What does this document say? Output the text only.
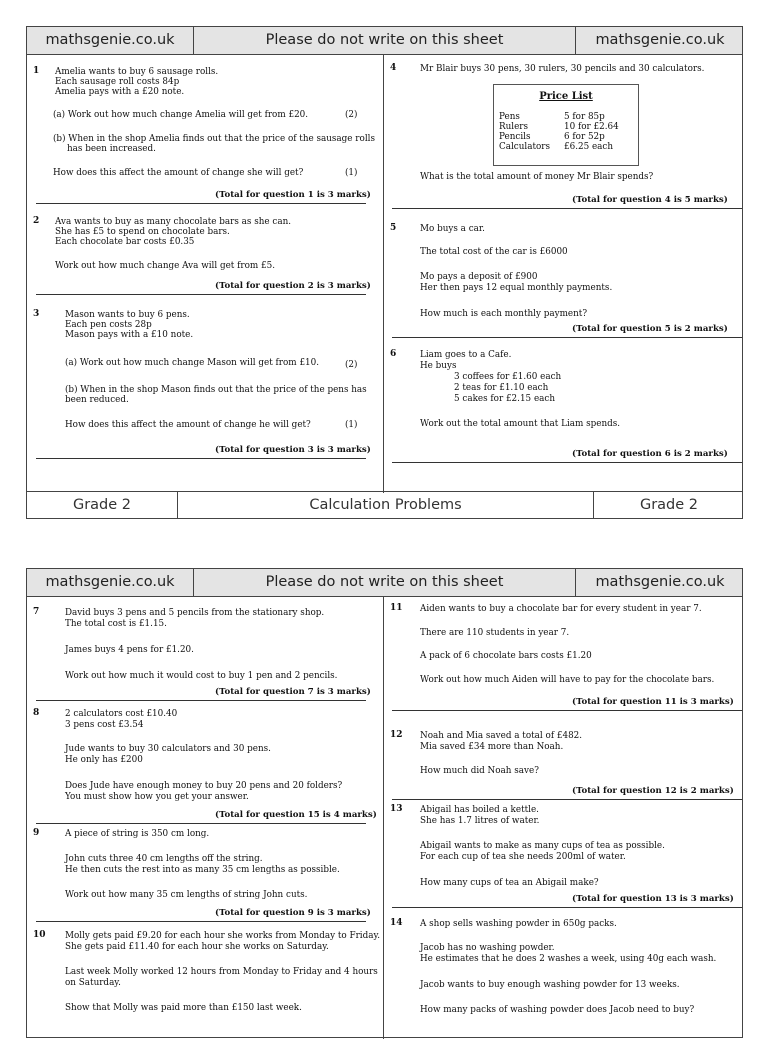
mathsgenie.co.uk	Please do not write on this sheet	mathsgenie.co.uk
1 Amelia wants to buy 6 sausage rolls.
Each sausage roll costs 84p
Amelia pays with a £20 note.
(a) Work out how much change Amelia will get from £20.	(2)
(b) When in the shop Amelia finds out that the price of the sausage rolls
has been increased.
How does this affect the amount of change she will get?	(1)
(Total for question 1 is 3 marks)
2 Ava wants to buy as many chocolate bars as she can.
She has £5 to spend on chocolate bars.
Each chocolate bar costs £0.35
Work out how much change Ava will get from £5.
(Total for question 2 is 3 marks)
3	Mason wants to buy 6 pens.
Each pen costs 28p
Mason pays with a £10 note.
(a) Work out how much change Mason will get from £10.	(2)
(b) When in the shop Mason finds out that the price of the pens has
been reduced.
How does this affect the amount of change he will get?	(1)
(Total for question 3 is 3 marks)
4	Mr Blair buys 30 pens, 30 rulers, 30 pencils and 30 calculators.
What is the total amount of money Mr Blair spends?
(Total for question 4 is 5 marks)
Price List
Pens	5 for 85p
Rulers	10 for £2.64
Pencils	6 for 52p
Calculators £6.25 each
5	Mo buys a car.
The total cost of the car is £6000
Mo pays a deposit of £900
Her then pays 12 equal monthly payments.
How much is each monthly payment?
(Total for question 5 is 2 marks)
6	Liam goes to a Cafe.
He buys
3 coffees for £1.60 each
2 teas for £1.10 each
5 cakes for £2.15 each
Work out the total amount that Liam spends.
(Total for question 6 is 2 marks)
Grade 2	Calculation Problems	Grade 2
mathsgenie.co.uk	Please do not write on this sheet	mathsgenie.co.uk
7	David buys 3 pens and 5 pencils from the stationary shop.
The total cost is £1.15.
James buys 4 pens for £1.20.
Work out how much it would cost to buy 1 pen and 2 pencils.
(Total for question 7 is 3 marks)
8	2 calculators cost £10.40
3 pens cost £3.54
Jude wants to buy 30 calculators and 30 pens.
He only has £200
Does Jude have enough money to buy 20 pens and 20 folders?
You must show how you get your answer.
(Total for question 15 is 4 marks)
9	A piece of string is 350 cm long.
John cuts three 40 cm lengths off the string.
He then cuts the rest into as many 35 cm lengths as possible.
Work out how many 35 cm lengths of string John cuts.
(Total for question 9 is 3 marks)
10 Molly gets paid £9.20 for each hour she works from Monday to Friday.
She gets paid £11.40 for each hour she works on Saturday.
Last week Molly worked 12 hours from Monday to Friday and 4 hours
on Saturday.
Show that Molly was paid more than £150 last week.
11 Aiden wants to buy a chocolate bar for every student in year 7.
There are 110 students in year 7.
A pack of 6 chocolate bars costs £1.20
Work out how much Aiden will have to pay for the chocolate bars.
(Total for question 11 is 3 marks)
12 Noah and Mia saved a total of £482.
Mia saved £34 more than Noah.
How much did Noah save?
(Total for question 12 is 2 marks)
13 Abigail has boiled a kettle.
She has 1.7 litres of water.
Abigail wants to make as many cups of tea as possible.
For each cup of tea she needs 200ml of water.
How many cups of tea an Abigail make?
(Total for question 13 is 3 marks)
14 A shop sells washing powder in 650g packs.
Jacob has no washing powder.
He estimates that he does 2 washes a week, using 40g each wash.
Jacob wants to buy enough washing powder for 13 weeks.
How many packs of washing powder does Jacob need to buy?
